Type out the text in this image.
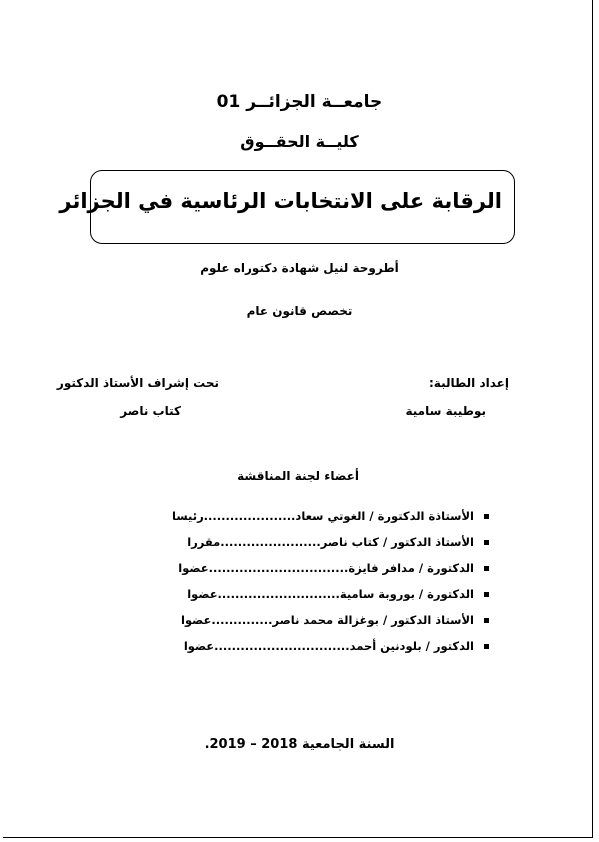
جامعــة الجزائــر 01
كليــة الحقــوق
الرقابة على الانتخابات الرئاسية في الجزائر
أطروحة لنيل شهادة دكتوراه علوم
تخصص قانون عام
إعداد الطالبة:
بوطيبة سامية
تحت إشراف الأستاذ الدكتور
كتاب ناصر
أعضاء لجنة المناقشة
الأستاذة الدكتورة / الغوتي سعاد.....................رئيسا
الأستاذ الدكتور / كتاب ناصر.......................مقررا
الدكتورة / مدافر فايزة................................عضوا
الدكتورة / بوروبة سامية............................عضوا
الأستاذ الدكتور / بوغزالة محمد ناصر..............عضوا
الدكتور / بلودنين أحمد...............................عضوا
السنة الجامعية 2018 – 2019.
